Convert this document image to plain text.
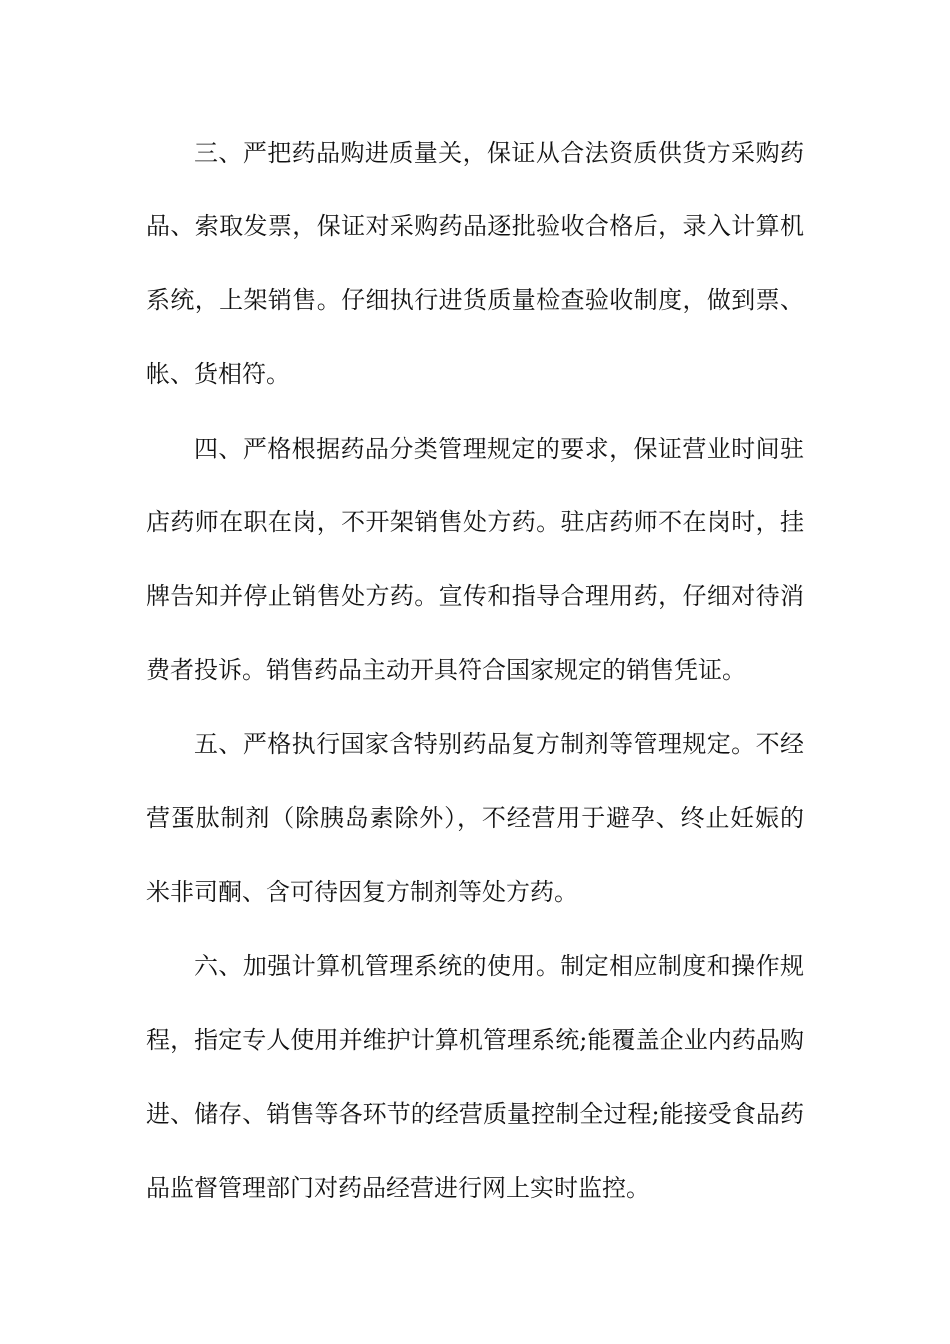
三、严把药品购进质量关，保证从合法资质供货方采购药

品、索取发票，保证对采购药品逐批验收合格后，录入计算机

系统，上架销售。仔细执行进货质量检查验收制度，做到票、

帐、货相符。

四、严格根据药品分类管理规定的要求，保证营业时间驻

店药师在职在岗，不开架销售处方药。驻店药师不在岗时，挂

牌告知并停止销售处方药。宣传和指导合理用药，仔细对待消

费者投诉。销售药品主动开具符合国家规定的销售凭证。

五、严格执行国家含特别药品复方制剂等管理规定。不经

营蛋肽制剂（除胰岛素除外），不经营用于避孕、终止妊娠的

米非司酮、含可待因复方制剂等处方药。

六、加强计算机管理系统的使用。制定相应制度和操作规

程，指定专人使用并维护计算机管理系统;能覆盖企业内药品购

进、储存、销售等各环节的经营质量控制全过程;能接受食品药

品监督管理部门对药品经营进行网上实时监控。
